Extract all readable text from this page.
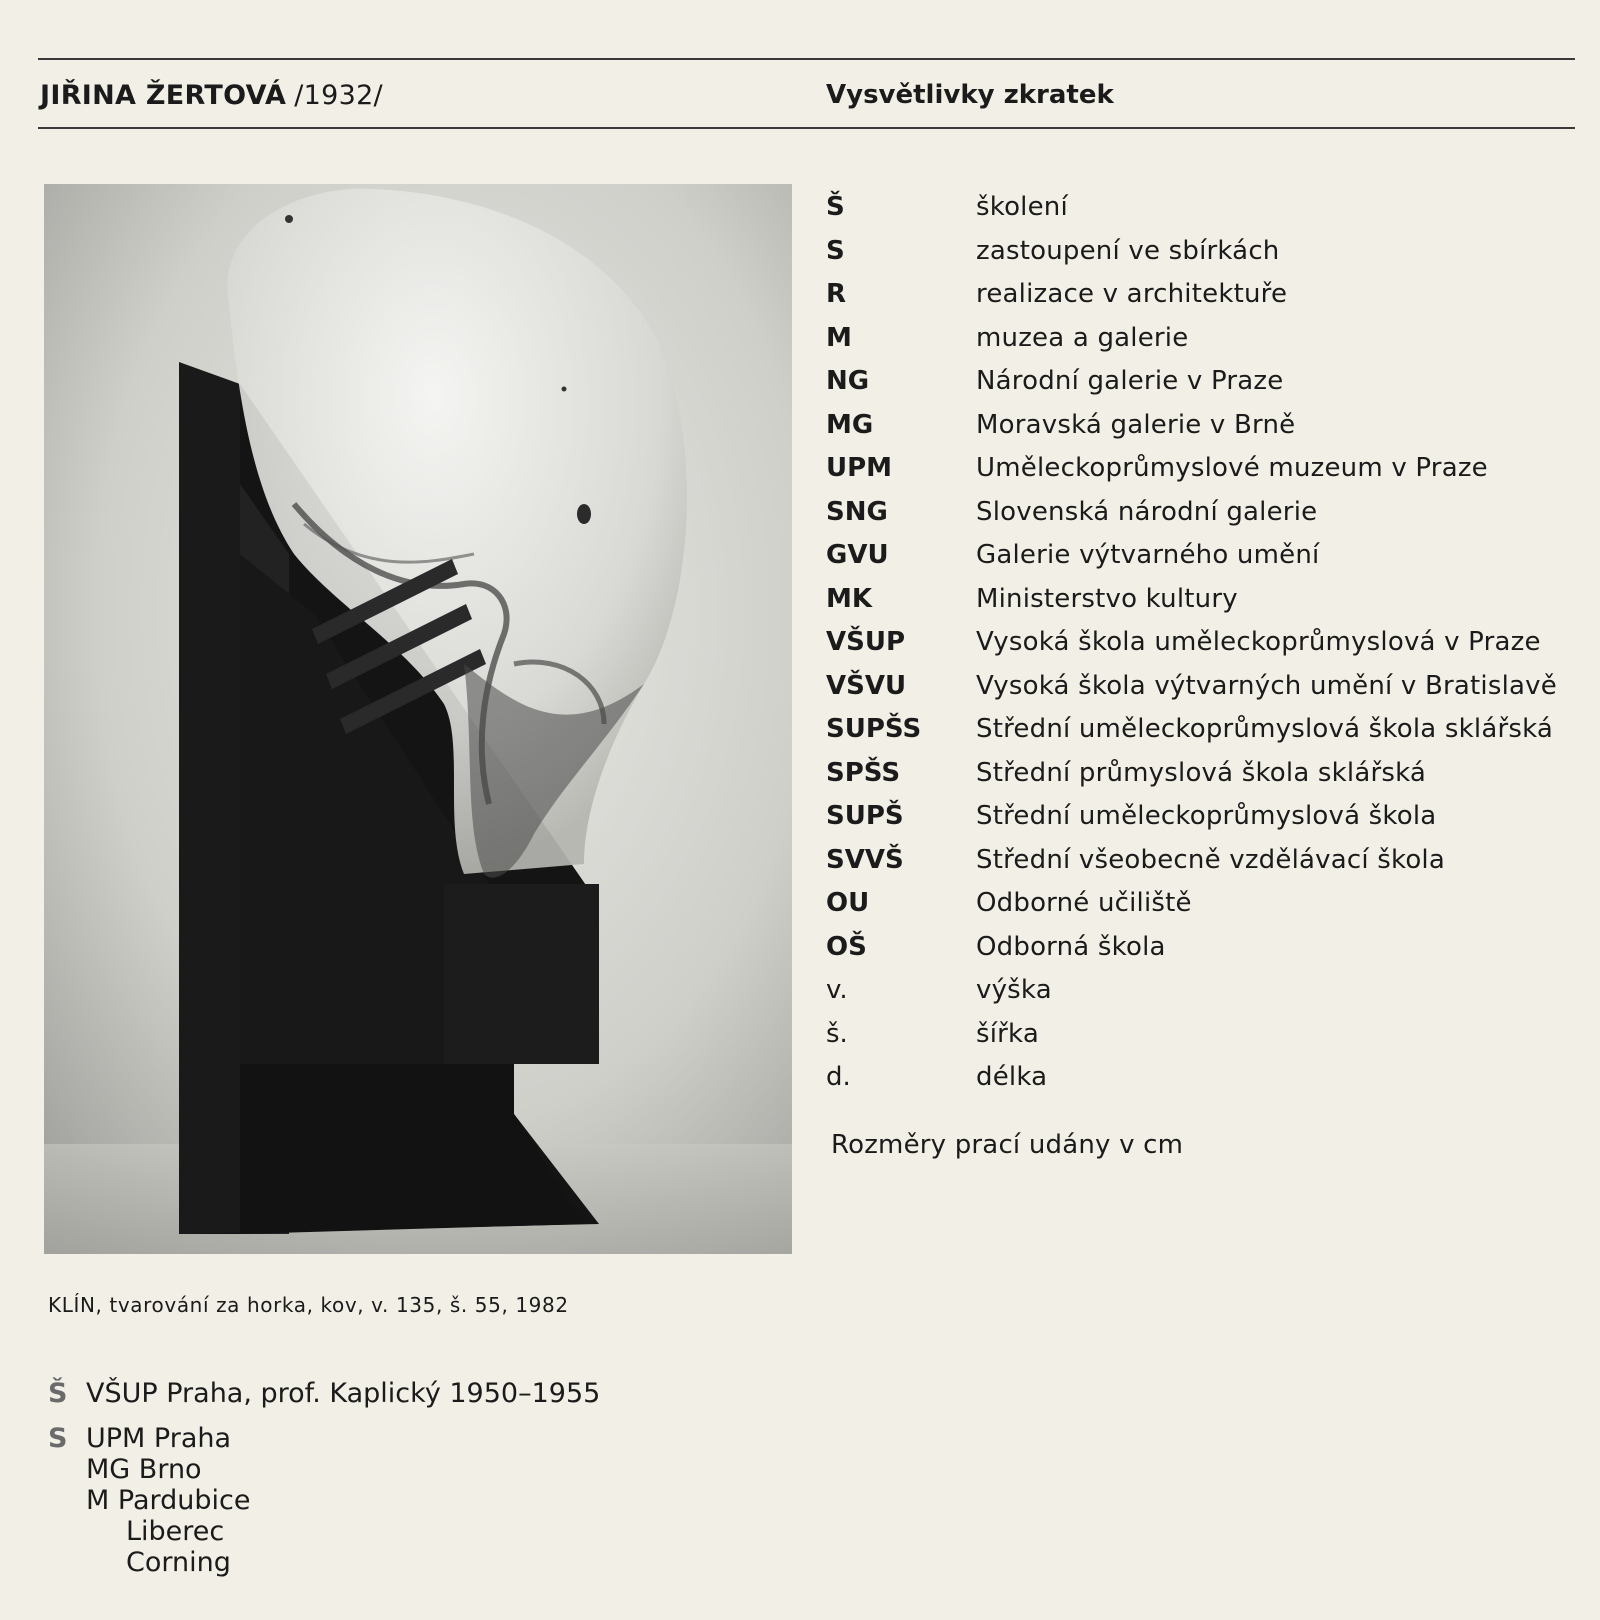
JIŘINA ŽERTOVÁ /1932/	Vysvětlivky zkratek
Š	školení
S	zastoupení ve sbírkách
R	realizace v architektuře
M	muzea a galerie
NG	Národní galerie v Praze
MG	Moravská galerie v Brně
UPM	Uměleckoprůmyslové muzeum v Praze
SNG	Slovenská národní galerie
GVU	Galerie výtvarného umění
MK	Ministerstvo kultury
VŠUP	Vysoká škola uměleckoprůmyslová v Praze
VŠVU	Vysoká škola výtvarných umění v Bratislavě
SUPŠS	Střední uměleckoprůmyslová škola sklářská
SPŠS	Střední průmyslová škola sklářská
SUPŠ	Střední uměleckoprůmyslová škola
SVVŠ	Střední všeobecně vzdělávací škola
OU	Odborné učiliště
OŠ	Odborná škola
v.	výška
š.	šířka
d.	délka
Rozměry prací udány v cm
KLÍN, tvarování za horka, kov, v. 135, š. 55, 1982
Š VŠUP Praha, prof. Kaplický 1950–1955
S UPM Praha
MG Brno
M Pardubice
Liberec
Corning
